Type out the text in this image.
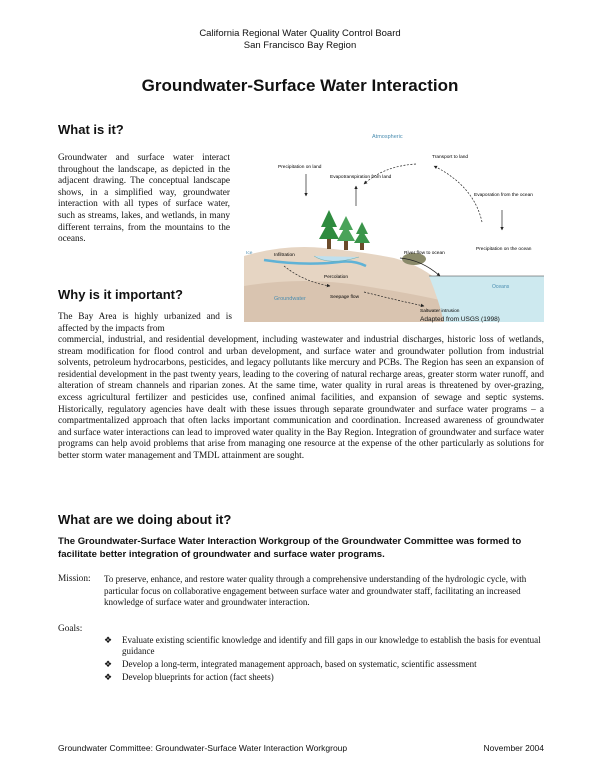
California Regional Water Quality Control Board
San Francisco Bay Region
Groundwater-Surface Water Interaction
What is it?
Groundwater and surface water interact throughout the landscape, as depicted in the adjacent drawing. The conceptual landscape shows, in a simplified way, groundwater interaction with all types of surface water, such as streams, lakes, and wetlands, in many different terrains, from the mountains to the oceans.
Atmospheric
Precipitation on land
Evapotranspiration from land
Transport to land
Evaporation from the ocean
Precipitation on the ocean
Infiltration
Percolation
River flow to ocean
Seepage flow
Oceans
Groundwater
Saltwater intrusion
Ice
Adapted from USGS (1998)
Why is it important?
The Bay Area is highly urbanized and is affected by the impacts from
commercial, industrial, and residential development, including wastewater and industrial discharges, historic loss of wetlands, stream modification for flood control and urban development, and surface water and groundwater pollution from industrial solvents, petroleum hydrocarbons, pesticides, and legacy pollutants like mercury and PCBs. The Region has seen an expansion of residential development in the past twenty years, leading to the covering of natural recharge areas, greater storm water runoff, and alteration of stream channels and riparian zones. At the same time, water quality in rural areas is threatened by over-grazing, excess agricultural fertilizer and pesticides use, confined animal facilities, and expansion of sewage and septic systems. Historically, regulatory agencies have dealt with these issues through separate groundwater and surface water programs – a compartmentalized approach that often lacks important communication and coordination. Increased awareness of groundwater and surface water interactions can lead to improved water quality in the Bay Region. Integration of groundwater and surface water programs can help avoid problems that arise from managing one resource at the expense of the other particularly as solutions for better storm water management and TMDL attainment are sought.
What are we doing about it?
The Groundwater-Surface Water Interaction Workgroup of the Groundwater Committee was formed to facilitate better integration of groundwater and surface water programs.
Mission: To preserve, enhance, and restore water quality through a comprehensive understanding of the hydrologic cycle, with particular focus on collaborative engagement between surface water and groundwater staff, facilitating an increased knowledge of surface water and groundwater interaction.
Goals:
❖ Evaluate existing scientific knowledge and identify and fill gaps in our knowledge to establish the basis for eventual guidance
❖ Develop a long-term, integrated management approach, based on systematic, scientific assessment
❖ Develop blueprints for action (fact sheets)
Groundwater Committee: Groundwater-Surface Water Interaction Workgroup	November 2004
